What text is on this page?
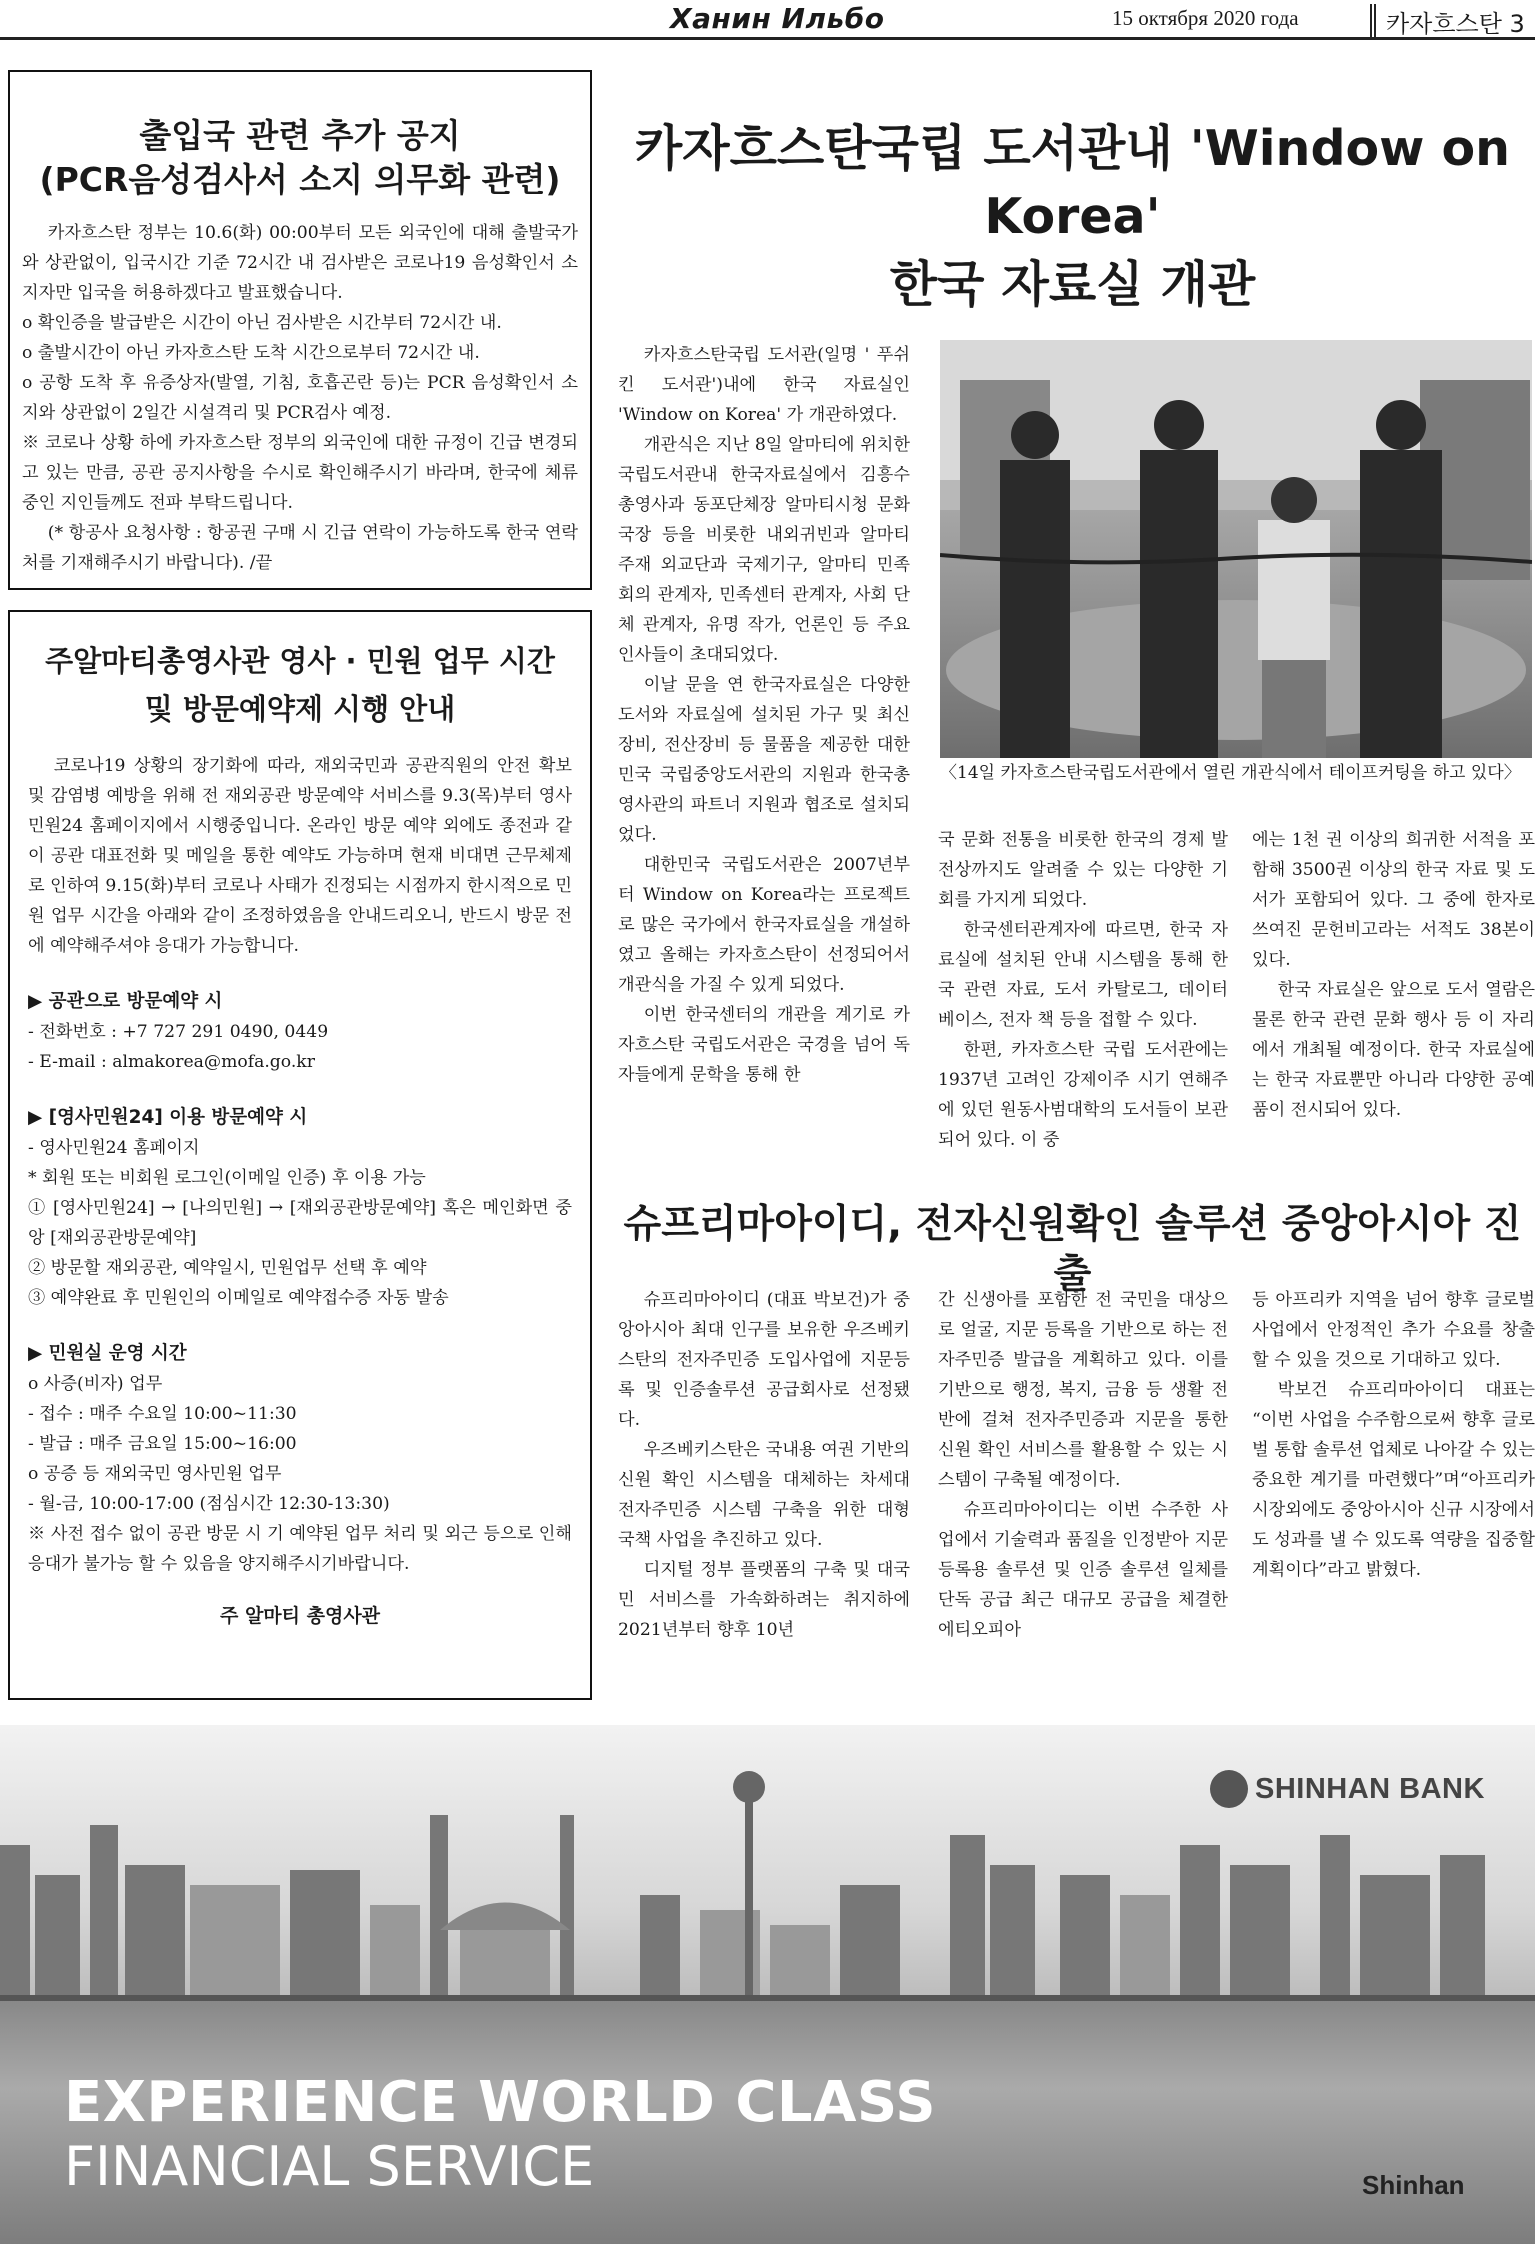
Ханин Ильбо	15 октября 2020 года	카자흐스탄 3
출입국 관련 추가 공지
(PCR음성검사서 소지 의무화 관련)

카자흐스탄 정부는 10.6(화) 00:00부터 모든 외국인에 대해 출발국가와 상관없이, 입국시간 기준 72시간 내 검사받은 코로나19 음성확인서 소지자만 입국을 허용하겠다고 발표했습니다.

o 확인증을 발급받은 시간이 아닌 검사받은 시간부터 72시간 내.

o 출발시간이 아닌 카자흐스탄 도착 시간으로부터 72시간 내.

o 공항 도착 후 유증상자(발열, 기침, 호흡곤란 등)는 PCR 음성확인서 소지와 상관없이 2일간 시설격리 및 PCR검사 예정.

※ 코로나 상황 하에 카자흐스탄 정부의 외국인에 대한 규정이 긴급 변경되고 있는 만큼, 공관 공지사항을 수시로 확인해주시기 바라며, 한국에 체류 중인 지인들께도 전파 부탁드립니다.

(* 항공사 요청사항 : 항공권 구매 시 긴급 연락이 가능하도록 한국 연락처를 기재해주시기 바랍니다). /끝

주알마티총영사관 영사 · 민원 업무 시간
및 방문예약제 시행 안내

코로나19 상황의 장기화에 따라, 재외국민과 공관직원의 안전 확보 및 감염병 예방을 위해 전 재외공관 방문예약 서비스를 9.3(목)부터 영사민원24 홈페이지에서 시행중입니다. 온라인 방문 예약 외에도 종전과 같이 공관 대표전화 및 메일을 통한 예약도 가능하며 현재 비대면 근무체제로 인하여 9.15(화)부터 코로나 사태가 진정되는 시점까지 한시적으로 민원 업무 시간을 아래와 같이 조정하였음을 안내드리오니, 반드시 방문 전에 예약해주셔야 응대가 가능합니다.

▶ 공관으로 방문예약 시

- 전화번호 : +7 727 291 0490, 0449

- E-mail : almakorea@mofa.go.kr

▶ [영사민원24] 이용 방문예약 시

- 영사민원24 홈페이지

* 회원 또는 비회원 로그인(이메일 인증) 후 이용 가능

① [영사민원24] → [나의민원] → [재외공관방문예약] 혹은 메인화면 중앙 [재외공관방문예약]

② 방문할 재외공관, 예약일시, 민원업무 선택 후 예약

③ 예약완료 후 민원인의 이메일로 예약접수증 자동 발송

▶ 민원실 운영 시간

o 사증(비자) 업무

- 접수 : 매주 수요일 10:00~11:30

- 발급 : 매주 금요일 15:00~16:00

o 공증 등 재외국민 영사민원 업무

- 월-금, 10:00-17:00 (점심시간 12:30-13:30)

※ 사전 접수 없이 공관 방문 시 기 예약된 업무 처리 및 외근 등으로 인해 응대가 불가능 할 수 있음을 양지해주시기바랍니다.

주 알마티 총영사관
카자흐스탄국립 도서관내 'Window on Korea'
한국 자료실 개관

카자흐스탄국립 도서관(일명 ' 푸쉬킨 도서관')내에 한국 자료실인 'Window on Korea' 가 개관하였다.

개관식은 지난 8일 알마티에 위치한 국립도서관내 한국자료실에서 김흥수 총영사과 동포단체장 알마티시청 문화국장 등을 비롯한 내외귀빈과 알마티 주재 외교단과 국제기구, 알마티 민족회의 관계자, 민족센터 관계자, 사회 단체 관계자, 유명 작가, 언론인 등 주요 인사들이 초대되었다.

이날 문을 연 한국자료실은 다양한 도서와 자료실에 설치된 가구 및 최신 장비, 전산장비 등 물품을 제공한 대한민국 국립중앙도서관의 지원과 한국총영사관의 파트너 지원과 협조로 설치되었다.

대한민국 국립도서관은 2007년부터 Window on Korea라는 프로젝트로 많은 국가에서 한국자료실을 개설하였고 올해는 카자흐스탄이 선정되어서 개관식을 가질 수 있게 되었다.

이번 한국센터의 개관을 계기로 카자흐스탄 국립도서관은 국경을 넘어 독자들에게 문학을 통해 한

〈14일 카자흐스탄국립도서관에서 열린 개관식에서 테이프커팅을 하고 있다〉

국 문화 전통을 비롯한 한국의 경제 발전상까지도 알려줄 수 있는 다양한 기회를 가지게 되었다.

한국센터관계자에 따르면, 한국 자료실에 설치된 안내 시스템을 통해 한국 관련 자료, 도서 카탈로그, 데이터 베이스, 전자 책 등을 접할 수 있다.

한편, 카자흐스탄 국립 도서관에는 1937년 고려인 강제이주 시기 연해주에 있던 원동사범대학의 도서들이 보관되어 있다. 이 중

에는 1천 권 이상의 희귀한 서적을 포함해 3500권 이상의 한국 자료 및 도서가 포함되어 있다. 그 중에 한자로 쓰여진 문헌비고라는 서적도 38본이 있다.

한국 자료실은 앞으로 도서 열람은 물론 한국 관련 문화 행사 등 이 자리에서 개최될 예정이다. 한국 자료실에는 한국 자료뿐만 아니라 다양한 공예품이 전시되어 있다.

슈프리마아이디, 전자신원확인 솔루션 중앙아시아 진출

슈프리마아이디 (대표 박보건)가 중앙아시아 최대 인구를 보유한 우즈베키스탄의 전자주민증 도입사업에 지문등록 및 인증솔루션 공급회사로 선정됐다.

우즈베키스탄은 국내용 여권 기반의 신원 확인 시스템을 대체하는 차세대 전자주민증 시스템 구축을 위한 대형 국책 사업을 추진하고 있다.

디지털 정부 플랫폼의 구축 및 대국민 서비스를 가속화하려는 취지하에 2021년부터 향후 10년

간 신생아를 포함한 전 국민을 대상으로 얼굴, 지문 등록을 기반으로 하는 전자주민증 발급을 계획하고 있다. 이를 기반으로 행정, 복지, 금융 등 생활 전반에 걸쳐 전자주민증과 지문을 통한 신원 확인 서비스를 활용할 수 있는 시스템이 구축될 예정이다.

슈프리마아이디는 이번 수주한 사업에서 기술력과 품질을 인정받아 지문등록용 솔루션 및 인증 솔루션 일체를 단독 공급 최근 대규모 공급을 체결한 에티오피아

등 아프리카 지역을 넘어 향후 글로벌 사업에서 안정적인 추가 수요를 창출할 수 있을 것으로 기대하고 있다.

박보건 슈프리마아이디 대표는 “이번 사업을 수주함으로써 향후 글로벌 통합 솔루션 업체로 나아갈 수 있는 중요한 계기를 마련했다”며“아프리카 시장외에도 중앙아시아 신규 시장에서도 성과를 낼 수 있도록 역량을 집중할 계획이다”라고 밝혔다.

SHINHAN BANK
EXPERIENCE WORLD CLASS
FINANCIAL SERVICE	Shinhan
